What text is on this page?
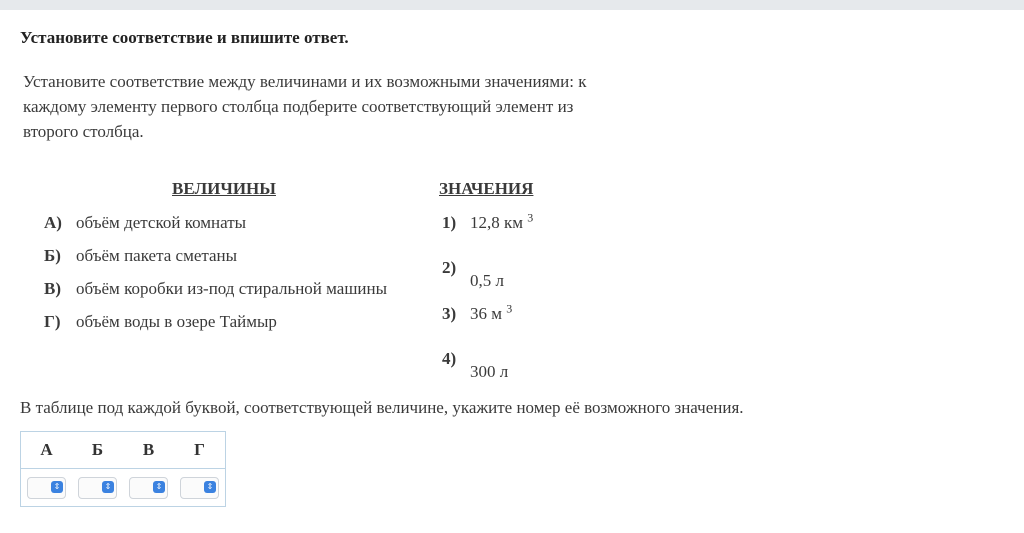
Установите соответствие и впишите ответ.
Установите соответствие между величинами и их возможными значениями: к каждому элементу первого столбца подберите соответствующий элемент из второго столбца.
ВЕЛИЧИНЫ	ЗНАЧЕНИЯ
А) объём детской комнаты
Б) объём пакета сметаны
В) объём коробки из-под стиральной машины
Г) объём воды в озере Таймыр
1) 12,8 км $^3$
2)0,5 л
3) 36 м $^3$
4)300 л
В таблице под каждой буквой, соответствующей величине, укажите номер её возможного значения.
А	Б	В	Г

⇕	⇕	⇕	⇕
